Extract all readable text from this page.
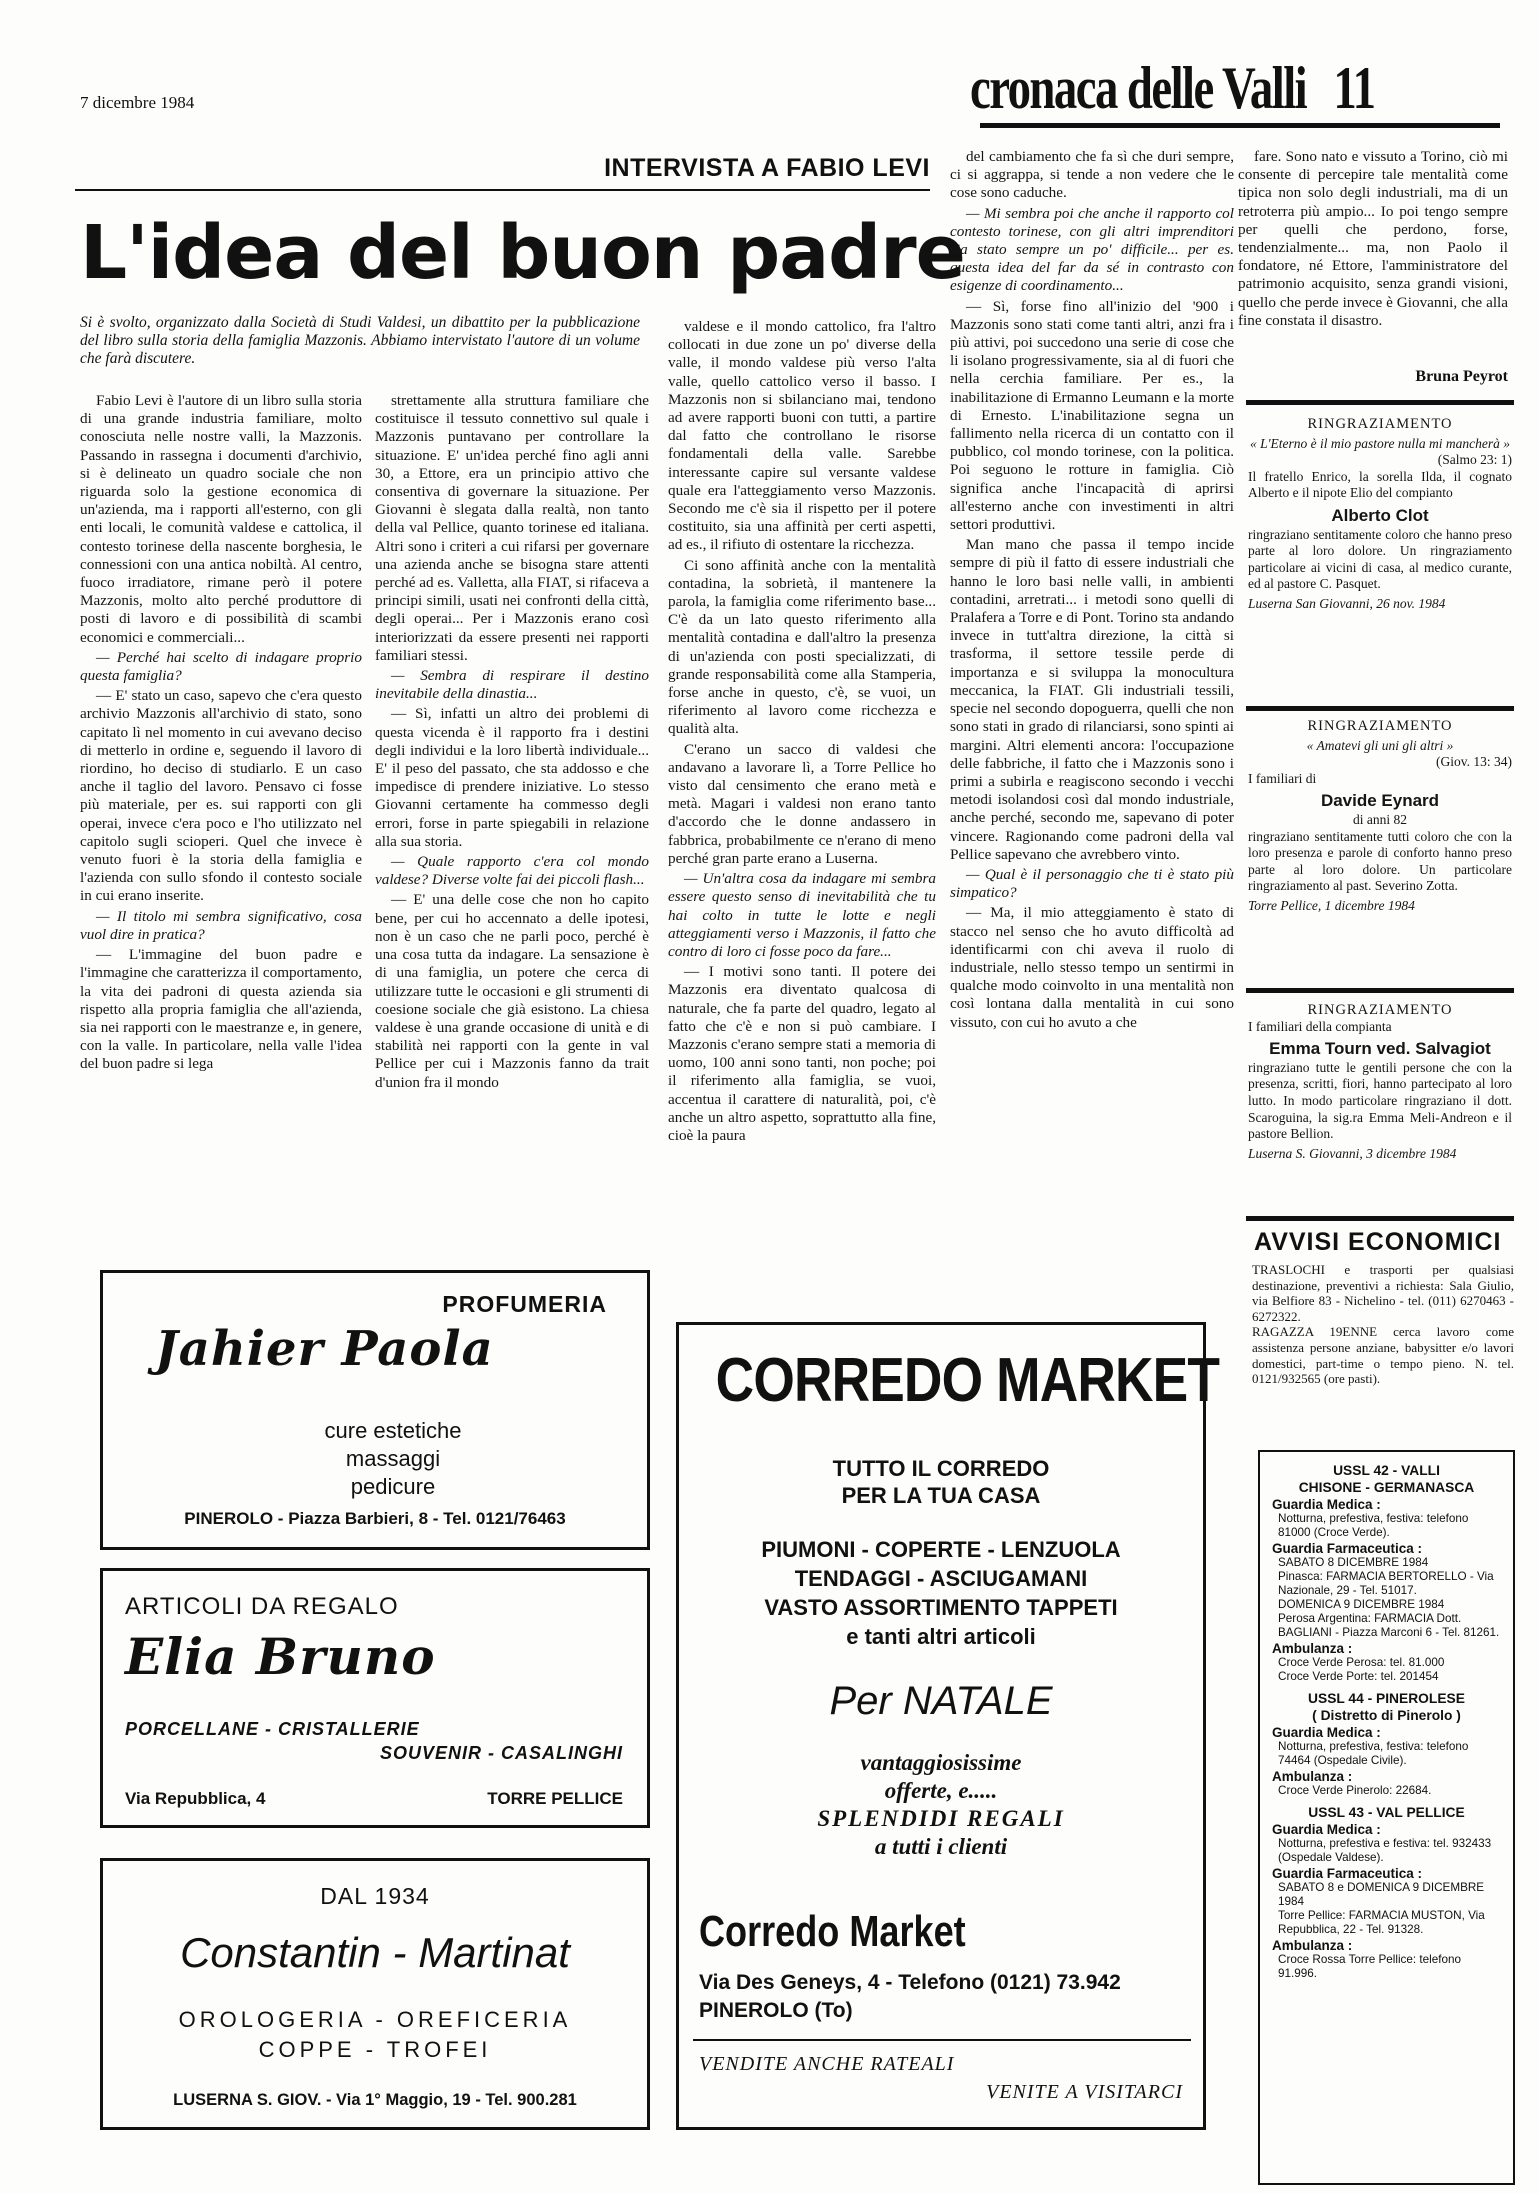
7 dicembre 1984	cronaca delle Valli 11
INTERVISTA A FABIO LEVI
L'idea del buon padre
Si è svolto, organizzato dalla Società di Studi Valdesi, un dibattito per la pubblicazione del libro sulla storia della famiglia Mazzonis. Abbiamo intervistato l'autore di un volume che farà discutere.

Fabio Levi è l'autore di un libro sulla storia di una grande industria familiare, molto conosciuta nelle nostre valli, la Mazzonis. Passando in rassegna i documenti d'archivio, si è delineato un quadro sociale che non riguarda solo la gestione economica di un'azienda, ma i rapporti all'esterno, con gli enti locali, le comunità valdese e cattolica, il contesto torinese della nascente borghesia, le connessioni con una antica nobiltà. Al centro, fuoco irradiatore, rimane però il potere Mazzonis, molto alto perché produttore di posti di lavoro e di possibilità di scambi economici e commerciali...

— Perché hai scelto di indagare proprio questa famiglia?

— E' stato un caso, sapevo che c'era questo archivio Mazzonis all'archivio di stato, sono capitato lì nel momento in cui avevano deciso di metterlo in ordine e, seguendo il lavoro di riordino, ho deciso di studiarlo. E un caso anche il taglio del lavoro. Pensavo ci fosse più materiale, per es. sui rapporti con gli operai, invece c'era poco e l'ho utilizzato nel capitolo sugli scioperi. Quel che invece è venuto fuori è la storia della famiglia e l'azienda con sullo sfondo il contesto sociale in cui erano inserite.

— Il titolo mi sembra significativo, cosa vuol dire in pratica?

— L'immagine del buon padre e l'immagine che caratterizza il comportamento, la vita dei padroni di questa azienda sia rispetto alla propria famiglia che all'azienda, sia nei rapporti con le maestranze e, in genere, con la valle. In particolare, nella valle l'idea del buon padre si lega

strettamente alla struttura familiare che costituisce il tessuto connettivo sul quale i Mazzonis puntavano per controllare la situazione. E' un'idea perché fino agli anni 30, a Ettore, era un principio attivo che consentiva di governare la situazione. Per Giovanni è slegata dalla realtà, non tanto della val Pellice, quanto torinese ed italiana. Altri sono i criteri a cui rifarsi per governare una azienda anche se bisogna stare attenti perché ad es. Valletta, alla FIAT, si rifaceva a principi simili, usati nei confronti della città, degli operai... Per i Mazzonis erano così interiorizzati da essere presenti nei rapporti familiari stessi.

— Sembra di respirare il destino inevitabile della dinastia...

— Sì, infatti un altro dei problemi di questa vicenda è il rapporto fra i destini degli individui e la loro libertà individuale... E' il peso del passato, che sta addosso e che impedisce di prendere iniziative. Lo stesso Giovanni certamente ha commesso degli errori, forse in parte spiegabili in relazione alla sua storia.

— Quale rapporto c'era col mondo valdese? Diverse volte fai dei piccoli flash...

— E' una delle cose che non ho capito bene, per cui ho accennato a delle ipotesi, non è un caso che ne parli poco, perché è una cosa tutta da indagare. La sensazione è di una famiglia, un potere che cerca di utilizzare tutte le occasioni e gli strumenti di coesione sociale che già esistono. La chiesa valdese è una grande occasione di unità e di stabilità nei rapporti con la gente in val Pellice per cui i Mazzonis fanno da trait d'union fra il mondo

valdese e il mondo cattolico, fra l'altro collocati in due zone un po' diverse della valle, il mondo valdese più verso l'alta valle, quello cattolico verso il basso. I Mazzonis non si sbilanciano mai, tendono ad avere rapporti buoni con tutti, a partire dal fatto che controllano le risorse fondamentali della valle. Sarebbe interessante capire sul versante valdese quale era l'atteggiamento verso Mazzonis. Secondo me c'è sia il rispetto per il potere costituito, sia una affinità per certi aspetti, ad es., il rifiuto di ostentare la ricchezza.

Ci sono affinità anche con la mentalità contadina, la sobrietà, il mantenere la parola, la famiglia come riferimento base... C'è da un lato questo riferimento alla mentalità contadina e dall'altro la presenza di un'azienda con posti specializzati, di grande responsabilità come alla Stamperia, forse anche in questo, c'è, se vuoi, un riferimento al lavoro come ricchezza e qualità alta.

C'erano un sacco di valdesi che andavano a lavorare lì, a Torre Pellice ho visto dal censimento che erano metà e metà. Magari i valdesi non erano tanto d'accordo che le donne andassero in fabbrica, probabilmente ce n'erano di meno perché gran parte erano a Luserna.

— Un'altra cosa da indagare mi sembra essere questo senso di inevitabilità che tu hai colto in tutte le lotte e negli atteggiamenti verso i Mazzonis, il fatto che contro di loro ci fosse poco da fare...

— I motivi sono tanti. Il potere dei Mazzonis era diventato qualcosa di naturale, che fa parte del quadro, legato al fatto che c'è e non si può cambiare. I Mazzonis c'erano sempre stati a memoria di uomo, 100 anni sono tanti, non poche; poi il riferimento alla famiglia, se vuoi, accentua il carattere di naturalità, poi, c'è anche un altro aspetto, soprattutto alla fine, cioè la paura

del cambiamento che fa sì che duri sempre, ci si aggrappa, si tende a non vedere che le cose sono caduche.

— Mi sembra poi che anche il rapporto col contesto torinese, con gli altri imprenditori sia stato sempre un po' difficile... per es. questa idea del far da sé in contrasto con esigenze di coordinamento...

— Sì, forse fino all'inizio del '900 i Mazzonis sono stati come tanti altri, anzi fra i più attivi, poi succedono una serie di cose che li isolano progressivamente, sia al di fuori che nella cerchia familiare. Per es., la inabilitazione di Ermanno Leumann e la morte di Ernesto. L'inabilitazione segna un fallimento nella ricerca di un contatto con il pubblico, col mondo torinese, con la politica. Poi seguono le rotture in famiglia. Ciò significa anche l'incapacità di aprirsi all'esterno anche con investimenti in altri settori produttivi.

Man mano che passa il tempo incide sempre di più il fatto di essere industriali che hanno le loro basi nelle valli, in ambienti contadini, arretrati... i metodi sono quelli di Pralafera a Torre e di Pont. Torino sta andando invece in tutt'altra direzione, la città si trasforma, il settore tessile perde di importanza e si sviluppa la monocultura meccanica, la FIAT. Gli industriali tessili, specie nel secondo dopoguerra, quelli che non sono stati in grado di rilanciarsi, sono spinti ai margini. Altri elementi ancora: l'occupazione delle fabbriche, il fatto che i Mazzonis sono i primi a subirla e reagiscono secondo i vecchi metodi isolandosi così dal mondo industriale, anche perché, secondo me, sapevano di poter vincere. Ragionando come padroni della val Pellice sapevano che avrebbero vinto.

— Qual è il personaggio che ti è stato più simpatico?

— Ma, il mio atteggiamento è stato di stacco nel senso che ho avuto difficoltà ad identificarmi con chi aveva il ruolo di industriale, nello stesso tempo un sentirmi in qualche modo coinvolto in una mentalità non così lontana dalla mentalità in cui sono vissuto, con cui ho avuto a che

fare. Sono nato e vissuto a Torino, ciò mi consente di percepire tale mentalità come tipica non solo degli industriali, ma di un retroterra più ampio... Io poi tengo sempre per quelli che perdono, forse, tendenzialmente... ma, non Paolo il fondatore, né Ettore, l'amministratore del patrimonio acquisito, senza grandi visioni, quello che perde invece è Giovanni, che alla fine constata il disastro.

Bruna Peyrot
RINGRAZIAMENTO
« L'Eterno è il mio pastore nulla mi mancherà »
(Salmo 23: 1)

Il fratello Enrico, la sorella Ilda, il cognato Alberto e il nipote Elio del compianto

Alberto Clot

ringraziano sentitamente coloro che hanno preso parte al loro dolore. Un ringraziamento particolare ai vicini di casa, al medico curante, ed al pastore C. Pasquet.

Luserna San Giovanni, 26 nov. 1984
RINGRAZIAMENTO
« Amatevi gli uni gli altri »
(Giov. 13: 34)

I familiari di

Davide Eynard
di anni 82

ringraziano sentitamente tutti coloro che con la loro presenza e parole di conforto hanno preso parte al loro dolore. Un particolare ringraziamento al past. Severino Zotta.

Torre Pellice, 1 dicembre 1984
RINGRAZIAMENTO

I familiari della compianta

Emma Tourn ved. Salvagiot

ringraziano tutte le gentili persone che con la presenza, scritti, fiori, hanno partecipato al loro lutto. In modo particolare ringraziano il dott. Scaroguina, la sig.ra Emma Meli-Andreon e il pastore Bellion.

Luserna S. Giovanni, 3 dicembre 1984
AVVISI ECONOMICI

TRASLOCHI e trasporti per qualsiasi destinazione, preventivi a richiesta: Sala Giulio, via Belfiore 83 - Nichelino - tel. (011) 6270463 - 6272322.

RAGAZZA 19ENNE cerca lavoro come assistenza persone anziane, babysitter e/o lavori domestici, part-time o tempo pieno. N. tel. 0121/932565 (ore pasti).

PROFUMERIA
Jahier Paola
cure estetiche
massaggi
pedicure
PINEROLO - Piazza Barbieri, 8 - Tel. 0121/76463
ARTICOLI DA REGALO
Elia Bruno
PORCELLANE - CRISTALLERIE
SOUVENIR - CASALINGHI
Via Repubblica, 4	TORRE PELLICE
DAL 1934
Constantin - Martinat
OROLOGERIA - OREFICERIA
COPPE - TROFEI
LUSERNA S. GIOV. - Via 1° Maggio, 19 - Tel. 900.281
CORREDO MARKET
TUTTO IL CORREDO
PER LA TUA CASA
PIUMONI - COPERTE - LENZUOLA
TENDAGGI - ASCIUGAMANI
VASTO ASSORTIMENTO TAPPETI
e tanti altri articoli
Per NATALE
vantaggiosissime
offerte, e.....
SPLENDIDI REGALI
a tutti i clienti
Corredo Market
Via Des Geneys, 4 - Telefono (0121) 73.942
PINEROLO (To)
VENDITE ANCHE RATEALI
VENITE A VISITARCI
USSL 42 - VALLI
CHISONE - GERMANASCA
Guardia Medica :
Notturna, prefestiva, festiva: telefono 81000 (Croce Verde).
Guardia Farmaceutica :
SABATO 8 DICEMBRE 1984
Pinasca: FARMACIA BERTORELLO - Via Nazionale, 29 - Tel. 51017.
DOMENICA 9 DICEMBRE 1984
Perosa Argentina: FARMACIA Dott. BAGLIANI - Piazza Marconi 6 - Tel. 81261.
Ambulanza :
Croce Verde Perosa: tel. 81.000
Croce Verde Porte: tel. 201454
USSL 44 - PINEROLESE
( Distretto di Pinerolo )
Guardia Medica :
Notturna, prefestiva, festiva: telefono 74464 (Ospedale Civile).
Ambulanza :
Croce Verde Pinerolo: 22684.
USSL 43 - VAL PELLICE
Guardia Medica :
Notturna, prefestiva e festiva: tel. 932433 (Ospedale Valdese).
Guardia Farmaceutica :
SABATO 8 e DOMENICA 9 DICEMBRE 1984
Torre Pellice: FARMACIA MUSTON, Via Repubblica, 22 - Tel. 91328.
Ambulanza :
Croce Rossa Torre Pellice: telefono 91.996.
